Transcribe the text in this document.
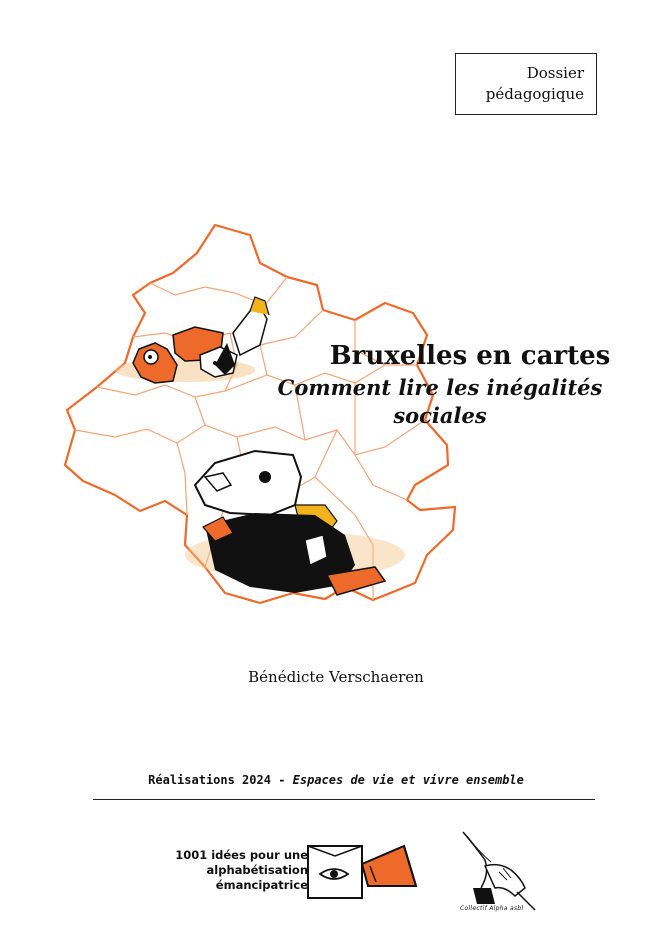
Dossier
pédagogique
Bruxelles en cartes
Comment lire les inégalités
sociales
Bénédicte Verschaeren
Réalisations 2024 - Espaces de vie et vivre ensemble
1001 idées pour une
alphabétisation
émancipatrice
Collectif Alpha asbl
